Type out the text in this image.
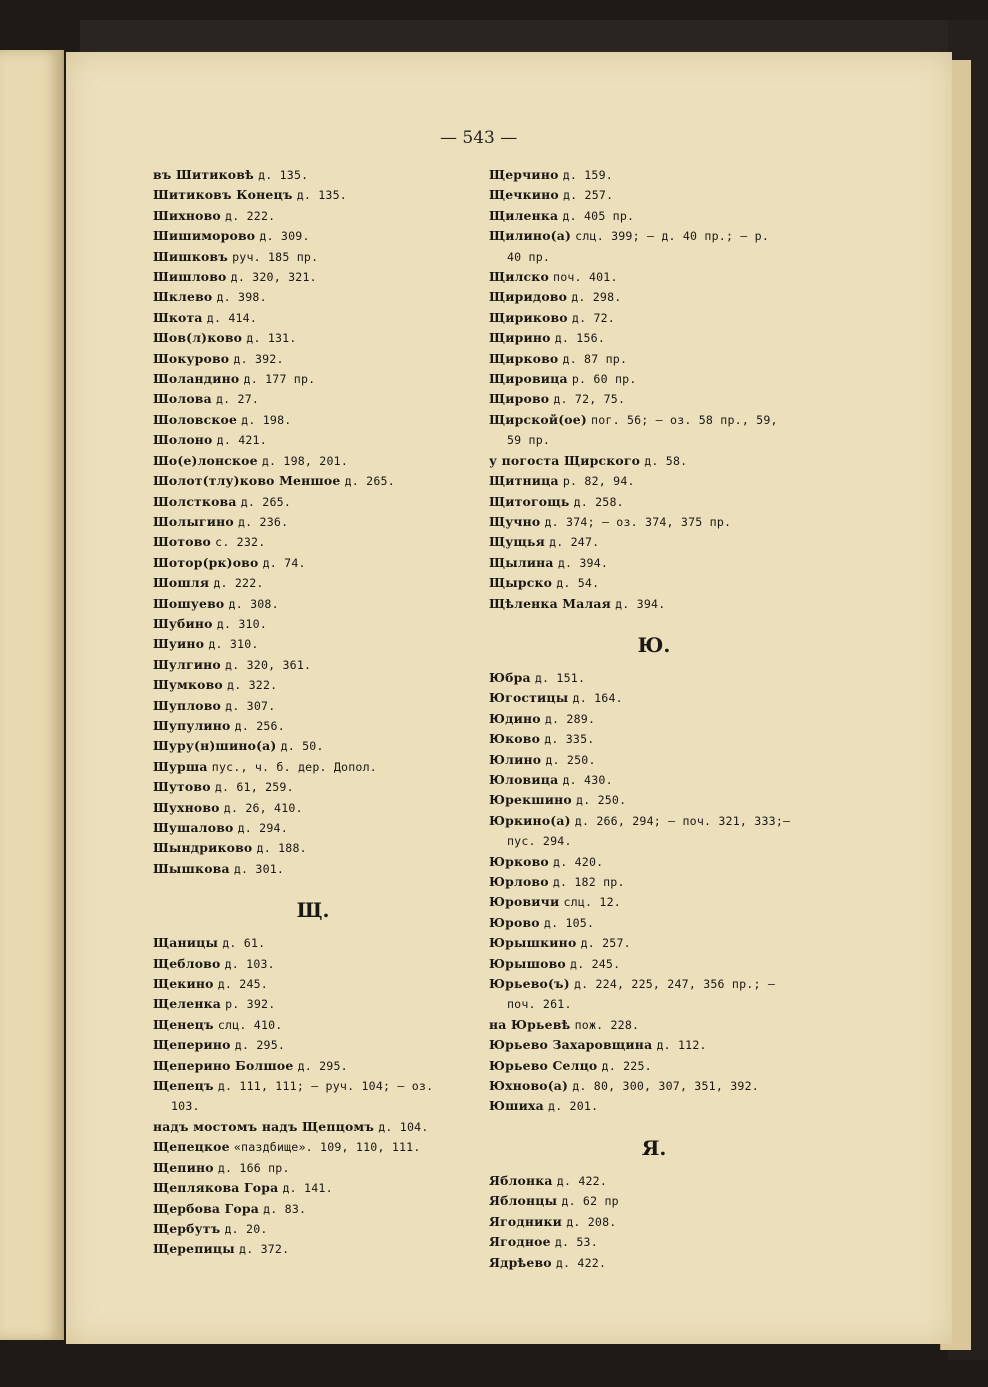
— 543 —
въ Шитиковѣ д. 135.
Шитиковъ Конецъ д. 135.
Шихново д. 222.
Шишиморово д. 309.
Шишковъ руч. 185 пр.
Шишлово д. 320, 321.
Шклево д. 398.
Шкота д. 414.
Шов(л)ково д. 131.
Шокурово д. 392.
Шоландино д. 177 пр.
Шолова д. 27.
Шоловское д. 198.
Шолоно д. 421.
Шо(е)лонское д. 198, 201.
Шолот(тлу)ково Меншое д. 265.
Шолсткова д. 265.
Шолыгино д. 236.
Шотово с. 232.
Шотор(рк)ово д. 74.
Шошля д. 222.
Шошуево д. 308.
Шубино д. 310.
Шуино д. 310.
Шулгино д. 320, 361.
Шумково д. 322.
Шуплово д. 307.
Шупулино д. 256.
Шуру(н)шино(а) д. 50.
Шурша пус., ч. б. дер. Допол.
Шутово д. 61, 259.
Шухново д. 26, 410.
Шушалово д. 294.
Шындриково д. 188.
Шышкова д. 301.
Щ.
Щаницы д. 61.
Щеблово д. 103.
Щекино д. 245.
Щеленка р. 392.
Щенецъ слц. 410.
Щеперино д. 295.
Щеперино Болшое д. 295.
Щепецъ д. 111, 111; — руч. 104; — оз.
103.
надъ мостомъ надъ Щепцомъ д. 104.
Щепецкое «паздбище». 109, 110, 111.
Щепино д. 166 пр.
Щеплякова Гора д. 141.
Щербова Гора д. 83.
Щербутъ д. 20.
Щерепицы д. 372.
Щерчино д. 159.
Щечкино д. 257.
Щиленка д. 405 пр.
Щилино(а) слц. 399; — д. 40 пр.; — р.
40 пр.
Щилско поч. 401.
Щиридово д. 298.
Щириково д. 72.
Щирино д. 156.
Щирково д. 87 пр.
Щировица р. 60 пр.
Щирово д. 72, 75.
Щирской(ое) пог. 56; — оз. 58 пр., 59,
59 пр.
у погоста Щирского д. 58.
Щитница р. 82, 94.
Щитогощь д. 258.
Щучно д. 374; — оз. 374, 375 пр.
Щущья д. 247.
Щылина д. 394.
Щырско д. 54.
Щѣленка Малая д. 394.
Ю.
Юбра д. 151.
Югостицы д. 164.
Юдино д. 289.
Юково д. 335.
Юлино д. 250.
Юловица д. 430.
Юрекшино д. 250.
Юркино(а) д. 266, 294; — поч. 321, 333;—
пус. 294.
Юрково д. 420.
Юрлово д. 182 пр.
Юровичи слц. 12.
Юрово д. 105.
Юрышкино д. 257.
Юрышово д. 245.
Юрьево(ъ) д. 224, 225, 247, 356 пр.; —
поч. 261.
на Юрьевѣ пож. 228.
Юрьево Захаровщина д. 112.
Юрьево Селцо д. 225.
Юхново(а) д. 80, 300, 307, 351, 392.
Юшиха д. 201.
Я.
Яблонка д. 422.
Яблонцы д. 62 пр
Ягодники д. 208.
Ягодное д. 53.
Ядрѣево д. 422.
